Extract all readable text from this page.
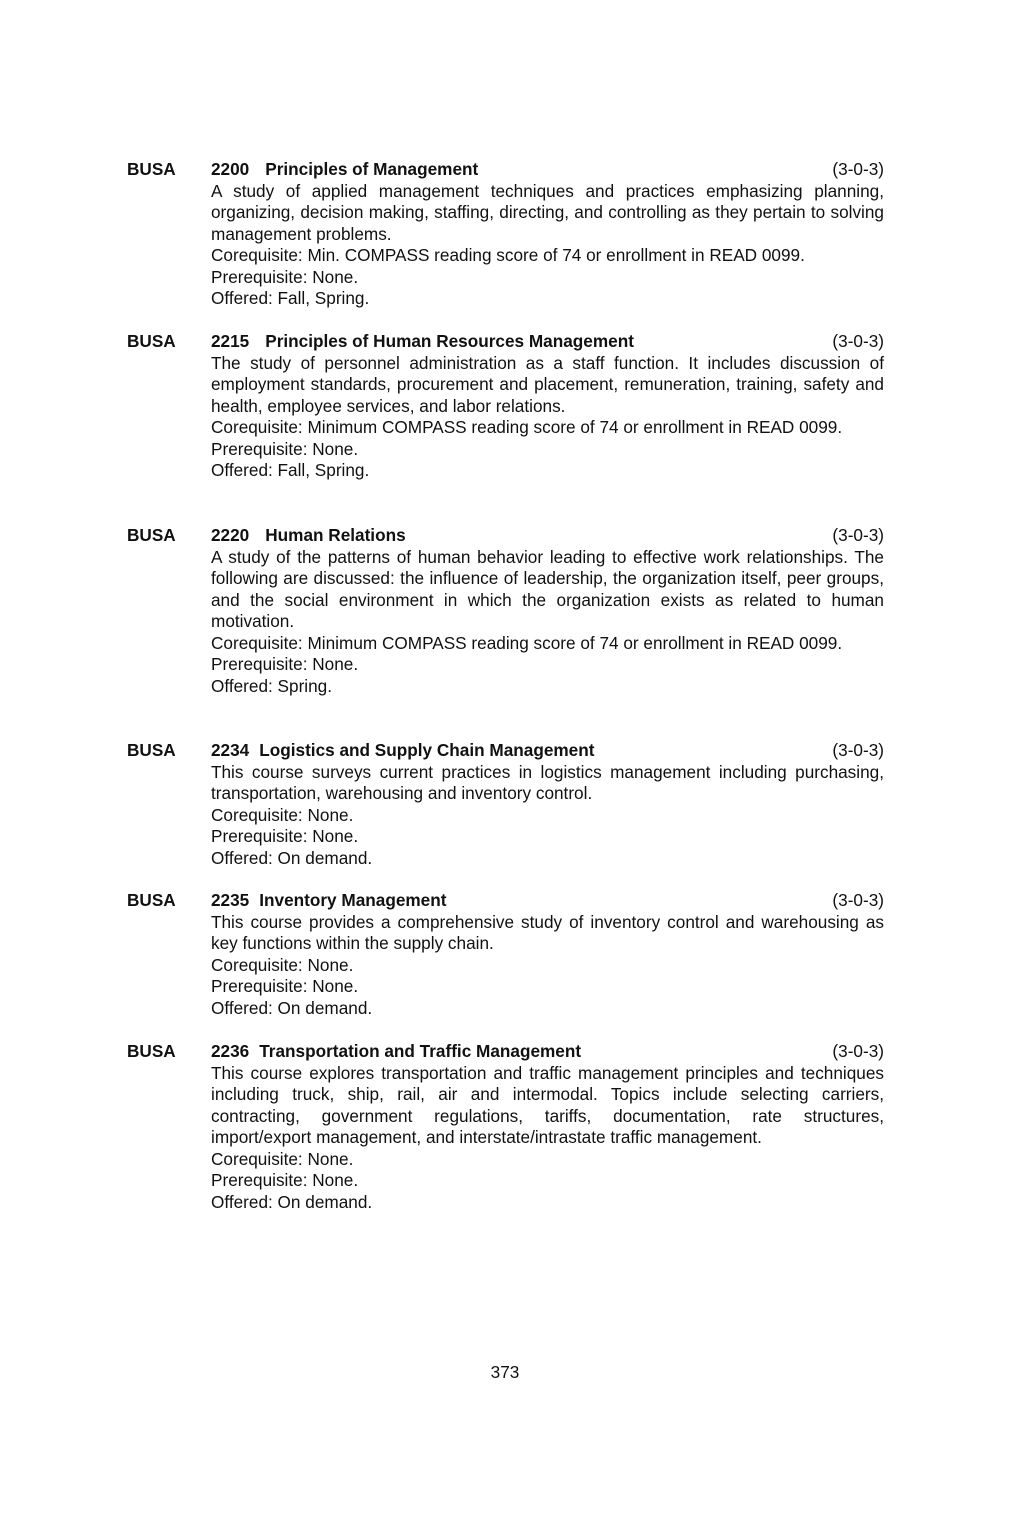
BUSA	2200 Principles of Management	(3-0-3)

A study of applied management techniques and practices emphasizing planning, organizing, decision making, staffing, directing, and controlling as they pertain to solving management problems.

Corequisite: Min. COMPASS reading score of 74 or enrollment in READ 0099.

Prerequisite: None.

Offered: Fall, Spring.

BUSA	2215 Principles of Human Resources Management	(3-0-3)

The study of personnel administration as a staff function. It includes discussion of employment standards, procurement and placement, remuneration, training, safety and health, employee services, and labor relations.

Corequisite: Minimum COMPASS reading score of 74 or enrollment in READ 0099.

Prerequisite: None.

Offered: Fall, Spring.

BUSA	2220 Human Relations	(3-0-3)

A study of the patterns of human behavior leading to effective work relationships. The following are discussed: the influence of leadership, the organization itself, peer groups, and the social environment in which the organization exists as related to human motivation.

Corequisite: Minimum COMPASS reading score of 74 or enrollment in READ 0099.

Prerequisite: None.

Offered: Spring.

BUSA	2234 Logistics and Supply Chain Management	(3-0-3)

This course surveys current practices in logistics management including purchasing, transportation, warehousing and inventory control.

Corequisite: None.

Prerequisite: None.

Offered: On demand.

BUSA	2235 Inventory Management	(3-0-3)

This course provides a comprehensive study of inventory control and warehousing as key functions within the supply chain.

Corequisite: None.

Prerequisite: None.

Offered: On demand.

BUSA	2236 Transportation and Traffic Management	(3-0-3)

This course explores transportation and traffic management principles and techniques including truck, ship, rail, air and intermodal. Topics include selecting carriers, contracting, government regulations, tariffs, documentation, rate structures, import/export management, and interstate/intrastate traffic management.

Corequisite: None.

Prerequisite: None.

Offered: On demand.

373
